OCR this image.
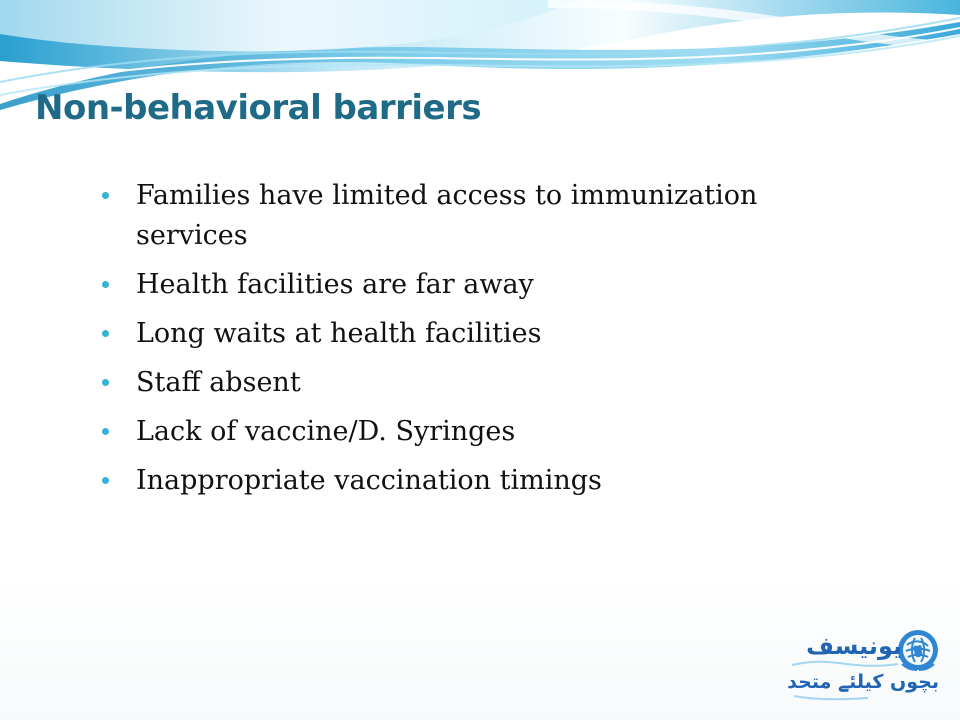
Non-behavioral barriers
Families have limited access to immunization services
Health facilities are far away
Long waits at health facilities
Staff absent
Lack of vaccine/D. Syringes
Inappropriate vaccination timings
یونیسف
بچوں کیلئے متحد
